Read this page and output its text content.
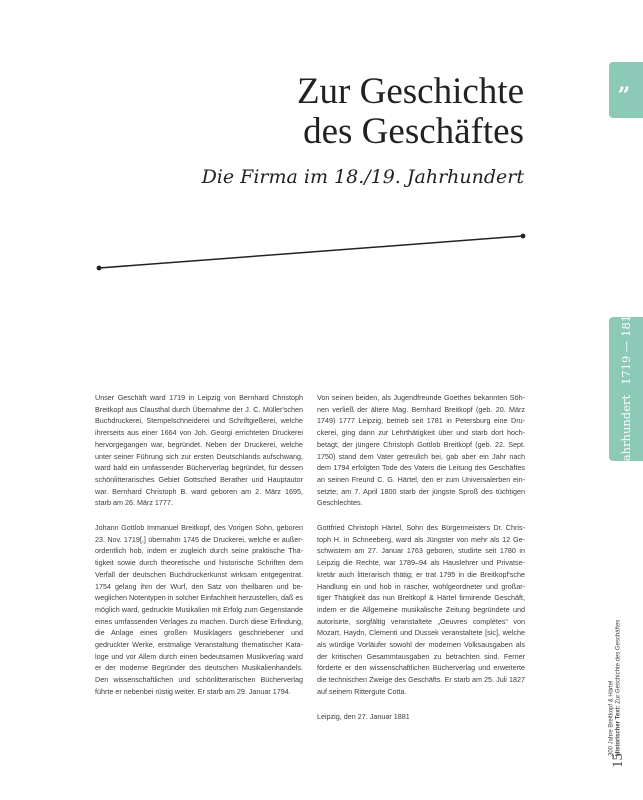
„
Zur Geschichte
des Geschäftes
Die Firma im 18./19. Jahrhundert
1. Jahrhundert1719 — 1818

Unser Geschäft ward 1719 in Leipzig von Bernhard Christoph Breitkopf aus Clausthal durch Übernahme der J. C. Müller'schen Buchdruckerei, Stempelschneiderei und Schriftgießerei, welche ihrerseits aus einer 1664 von Joh. Georgi errichteten Druckerei hervorgegangen war, begründet. Neben der Druckerei, welche unter seiner Führung sich zur ersten Deutschlands aufschwang, ward bald ein umfassender Bücherverlag begründet, für dessen schönlitterarisches Gebiet Gottsched Berather und Hauptautor war. Bernhard Christoph B. ward geboren am 2. März 1695, starb am 26. März 1777.

Johann Gottlob Immanuel Breitkopf, des Vorigen Sohn, geboren 23. Nov. 1719[,] übernahm 1745 die Druckerei, welche er außerordentlich hob, indem er zugleich durch seine praktische Thätigkeit sowie durch theoretische und historische Schriften dem Verfall der deutschen Buchdruckerkunst wirksam entgegentrat. 1754 gelang ihm der Wurf, den Satz von theilbaren und beweglichen Notentypen in solcher Einfachheit herzustellen, daß es möglich ward, gedruckte Musikalien mit Erfolg zum Gegenstande eines umfassenden Verlages zu machen. Durch diese Erfindung, die Anlage eines großen Musiklagers geschriebener und gedruckter Werke, erstmalige Veranstaltung thematischer Kataloge und vor Allem durch einen bedeutsamen Musikverlag ward er der moderne Begründer des deutschen Musikalienhandels. Den wissenschaftlichen und schönlitterarischen Bücherverlag führte er nebenbei rüstig weiter. Er starb am 29. Januar 1794.

Von seinen beiden, als Jugendfreunde Goethes bekannten Söhnen verließ der ältere Mag. Bernhard Breitkopf (geb. 20. März 1749) 1777 Leipzig, betrieb seit 1781 in Petersburg eine Druckerei, ging dann zur Lehrthätigkeit über und starb dort hochbetagt; der jüngere Christoph Gottlob Breitkopf (geb. 22. Sept. 1750) stand dem Vater getreulich bei, gab aber ein Jahr nach dem 1794 erfolgten Tode des Vaters die Leitung des Geschäftes an seinen Freund C. G. Härtel, den er zum Universalerben einsetzte; am 7. April 1800 starb der jüngste Sproß des tüchtigen Geschlechtes.

Gottfried Christoph Härtel, Sohn des Bürgermeisters Dr. Christoph H. in Schneeberg, ward als Jüngster von mehr als 12 Geschwistern am 27. Januar 1763 geboren, studirte seit 1780 in Leipzig die Rechte, war 1789–94 als Hauslehrer und Privatsekretär auch litterarisch thätig; er trat 1795 in die Breitkopf'sche Handlung ein und hob in rascher, wohlgeordneter und großartiger Thätigkeit das nun Breitkopf & Härtel firmirende Geschäft, indem er die Allgemeine musikalische Zeitung begründete und autorisirte, sorgfältig veranstaltete „Oeuvres complètes“ von Mozart, Haydn, Clementi und Dussek veranstaltete [sic], welche als würdige Vorläufer sowohl der modernen Volksausgaben als der kritischen Gesammtausgaben zu betrachten sind. Ferner förderte er den wissenschaftlichen Bücherverlag und erweiterte die technischen Zweige des Geschäfts. Er starb am 25. Juli 1827 auf seinem Rittergute Cotta.

Leipzig, den 27. Januar 1881	300 Jahre Breitkopf & Härtel Historischer Text: Zur Geschichte des Geschäftes
15
